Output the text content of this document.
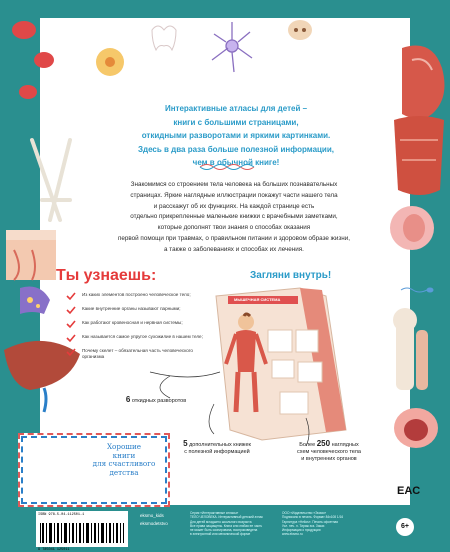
Интерактивные атласы для детей –
книги с большими страницами,
откидными разворотами и яркими картинками.
Здесь в два раза больше полезной информации,
чем в обычной книге!
Знакомимся со строением тела человека на больших познавательных
страницах. Яркие наглядные иллюстрации покажут части нашего тела
и расскажут об их функциях. На каждой странице есть
отдельно прикрепленные маленькие книжки с врачебными заметками,
которые дополнят твои знания о способах оказания
первой помощи при травмах, о правильном питании и здоровом образе жизни,
а также о заболеваниях и способах их лечения.
Ты узнаешь:	Загляни внутрь!
МЫШЕЧНАЯ СИСТЕМА
Из каких элементов построено человеческое тело;
Какие внутренние органы называют парными;
Как работают кровеносная и нервная системы;
Как называется самое упругое сухожилие в нашем теле;
Почему скелет – обязательная часть человеческого организма
6 откидных разворотов
5 дополнительных книжек
с полезной информацией
Более 250 наглядных
схем человеческого тела
и внутренних органов
Хорошие
книги
для счастливого
детства
ISBN 978-5-04-112501-1
9 785041 125011
eksmo_kids
eksmodetstvo
Серия «Интерактивные атласы»
ТЕЛО ЧЕЛОВЕКА. Интерактивный детский атлас
Для детей младшего школьного возраста
Все права защищены. Книга или любая ее часть
не может быть скопирована, воспроизведена
в электронной или механической форме
ООО «Издательство «Эксмо»
Подписано в печать. Формат 84x108 1/16
Гарнитура «Helios». Печать офсетная
Усл. печ. л. Тираж экз. Заказ
Информация о продукции
www.eksmo.ru
EAC
6+
